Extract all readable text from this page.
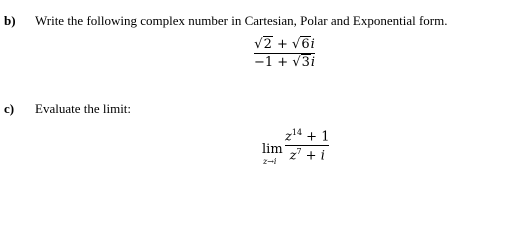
b) Write the following complex number in Cartesian, Polar and Exponential form.
√2 + √6i
−1 + √3i
c) Evaluate the limit:
lim
z→i
$z^{14} + 1$
$z^7 + i$
